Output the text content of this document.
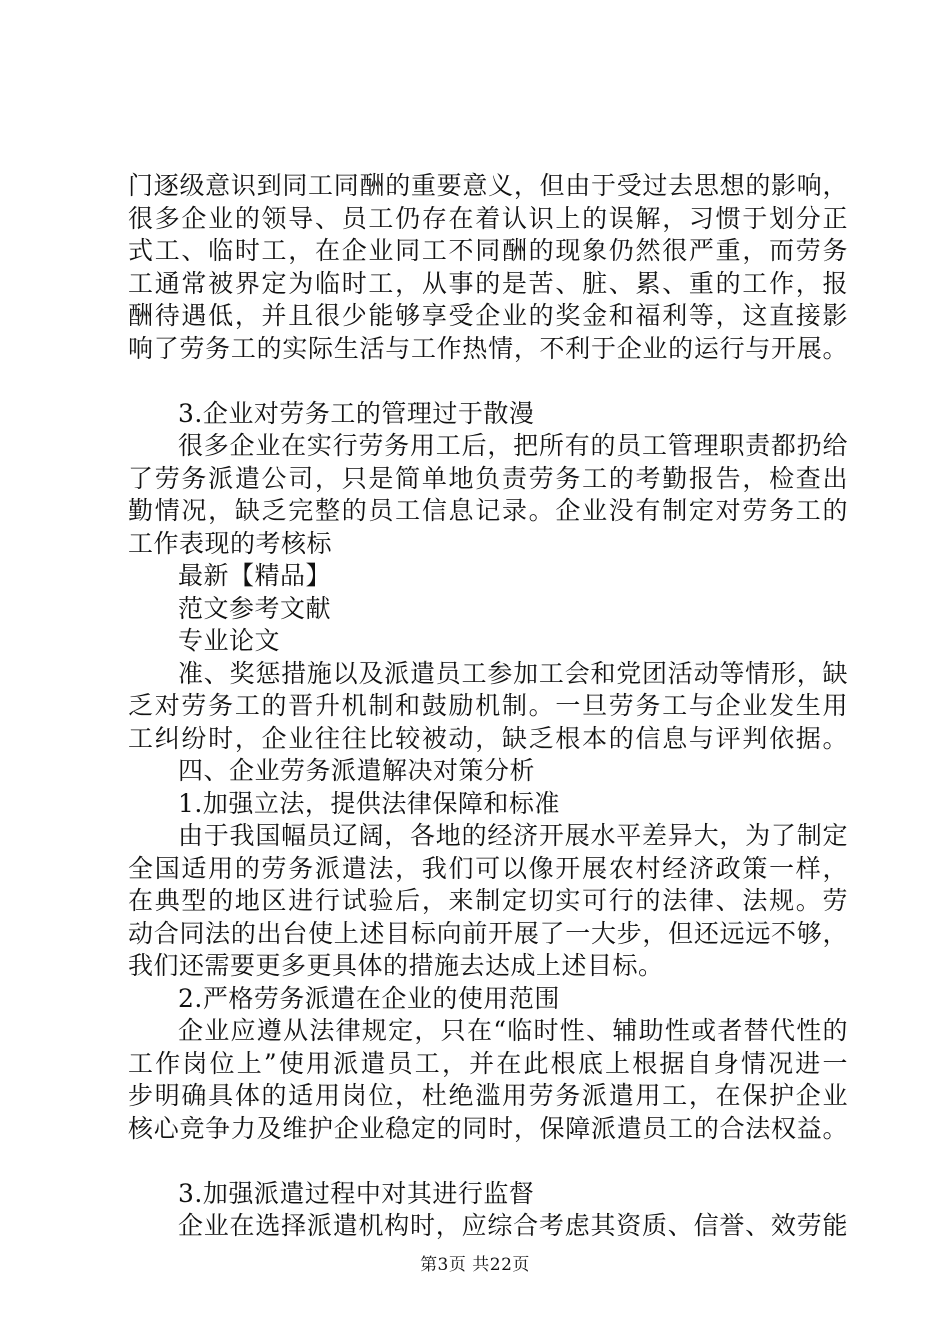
门逐级意识到同工同酬的重要意义，但由于受过去思想的影响，
很多企业的领导、员工仍存在着认识上的误解，习惯于划分正
式工、临时工，在企业同工不同酬的现象仍然很严重，而劳务
工通常被界定为临时工，从事的是苦、脏、累、重的工作，报
酬待遇低，并且很少能够享受企业的奖金和福利等，这直接影
响了劳务工的实际生活与工作热情，不利于企业的运行与开展。
3.企业对劳务工的管理过于散漫
很多企业在实行劳务用工后，把所有的员工管理职责都扔给
了劳务派遣公司，只是简单地负责劳务工的考勤报告，检查出
勤情况，缺乏完整的员工信息记录。企业没有制定对劳务工的
工作表现的考核标
最新【精品】
范文参考文献
专业论文
准、奖惩措施以及派遣员工参加工会和党团活动等情形，缺
乏对劳务工的晋升机制和鼓励机制。一旦劳务工与企业发生用
工纠纷时，企业往往比较被动，缺乏根本的信息与评判依据。
四、企业劳务派遣解决对策分析
1.加强立法，提供法律保障和标准
由于我国幅员辽阔，各地的经济开展水平差异大，为了制定
全国适用的劳务派遣法，我们可以像开展农村经济政策一样，
在典型的地区进行试验后，来制定切实可行的法律、法规。劳
动合同法的出台使上述目标向前开展了一大步，但还远远不够，
我们还需要更多更具体的措施去达成上述目标。
2.严格劳务派遣在企业的使用范围
企业应遵从法律规定，只在“临时性、辅助性或者替代性的
工作岗位上”使用派遣员工，并在此根底上根据自身情况进一
步明确具体的适用岗位，杜绝滥用劳务派遣用工，在保护企业
核心竞争力及维护企业稳定的同时，保障派遣员工的合法权益。
3.加强派遣过程中对其进行监督
企业在选择派遣机构时，应综合考虑其资质、信誉、效劳能
第3页 共22页
